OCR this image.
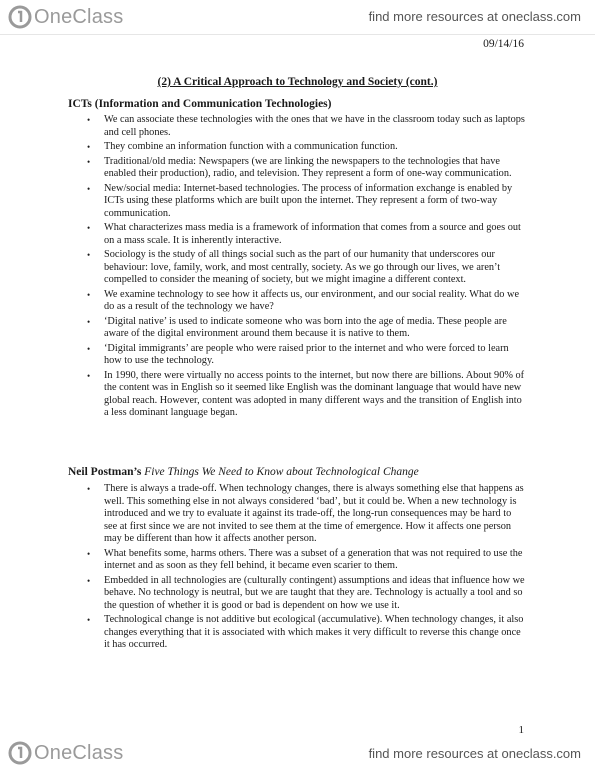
OneClass	find more resources at oneclass.com
09/14/16
(2) A Critical Approach to Technology and Society (cont.)
ICTs (Information and Communication Technologies)
• We can associate these technologies with the ones that we have in the classroom today such as laptops and cell phones.
• They combine an information function with a communication function.
• Traditional/old media: Newspapers (we are linking the newspapers to the technologies that have enabled their production), radio, and television. They represent a form of one-way communication.
• New/social media: Internet-based technologies. The process of information exchange is enabled by ICTs using these platforms which are built upon the internet. They represent a form of two-way communication.
• What characterizes mass media is a framework of information that comes from a source and goes out on a mass scale. It is inherently interactive.
• Sociology is the study of all things social such as the part of our humanity that underscores our behaviour: love, family, work, and most centrally, society. As we go through our lives, we aren’t compelled to consider the meaning of society, but we might imagine a different context.
• We examine technology to see how it affects us, our environment, and our social reality. What do we do as a result of the technology we have?
• ‘Digital native’ is used to indicate someone who was born into the age of media. These people are aware of the digital environment around them because it is native to them.
• ‘Digital immigrants’ are people who were raised prior to the internet and who were forced to learn how to use the technology.
• In 1990, there were virtually no access points to the internet, but now there are billions. About 90% of the content was in English so it seemed like English was the dominant language that would have new global reach. However, content was adopted in many different ways and the transition of English into a less dominant language began.
Neil Postman’s Five Things We Need to Know about Technological Change
• There is always a trade-off. When technology changes, there is always something else that happens as well. This something else in not always considered ‘bad’, but it could be. When a new technology is introduced and we try to evaluate it against its trade-off, the long-run consequences may be hard to see at first since we are not invited to see them at the time of emergence. How it affects one person may be different than how it affects another person.
• What benefits some, harms others. There was a subset of a generation that was not required to use the internet and as soon as they fell behind, it became even scarier to them.
• Embedded in all technologies are (culturally contingent) assumptions and ideas that influence how we behave. No technology is neutral, but we are taught that they are. Technology is actually a tool and so the question of whether it is good or bad is dependent on how we use it.
• Technological change is not additive but ecological (accumulative). When technology changes, it also changes everything that it is associated with which makes it very difficult to reverse this change once it has occurred.
1
OneClass	find more resources at oneclass.com
